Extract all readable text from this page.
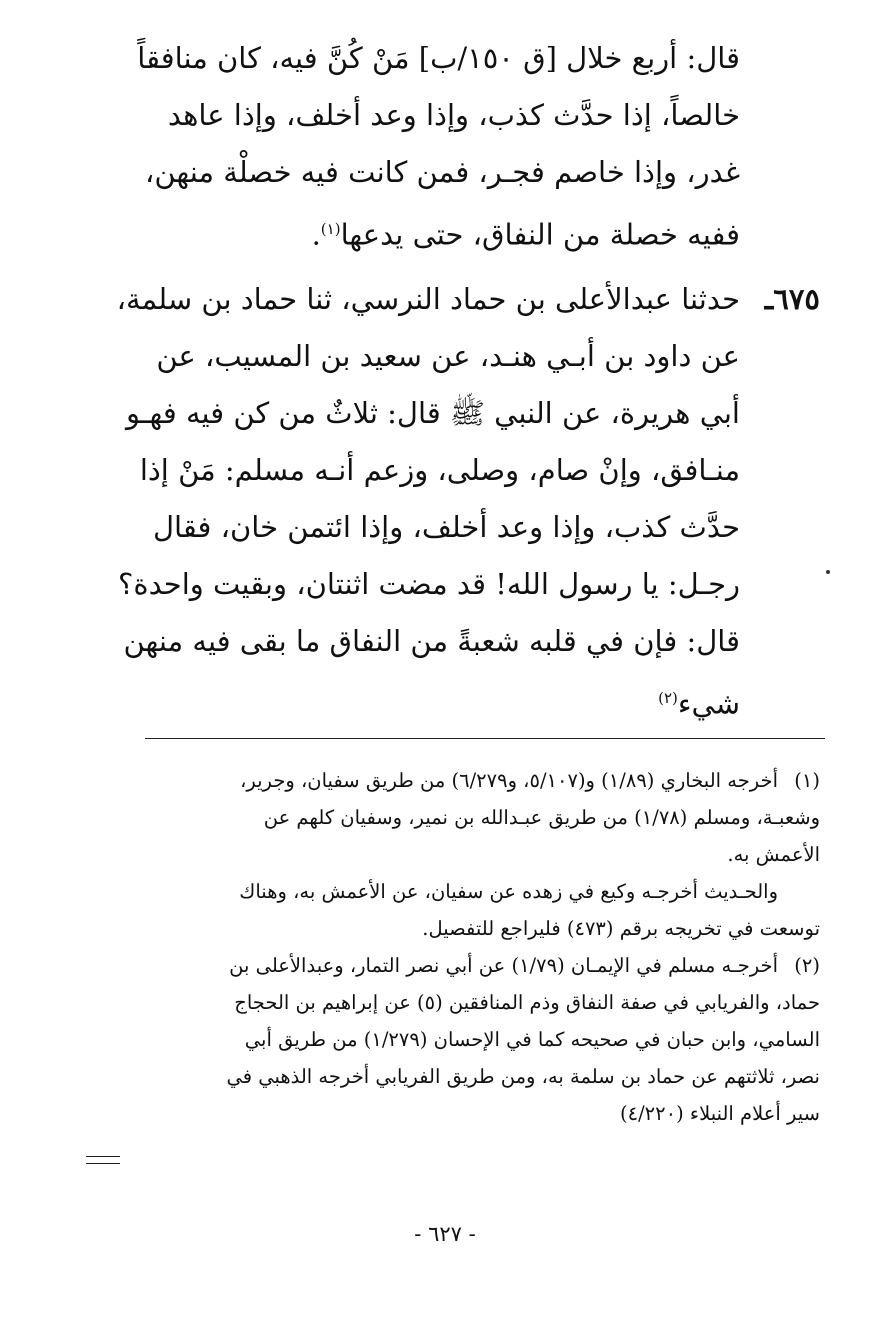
قال: أربع خلال [ق ١٥٠/ب] مَنْ كُنَّ فيه، كان منافقاً
خالصاً، إذا حدَّث كذب، وإذا وعد أخلف، وإذا عاهد
غدر، وإذا خاصم فجـر، فمن كانت فيه خصلْة منهن،
ففيه خصلة من النفاق، حتى يدعها$^{(١)}$.
٦٧٥ـ
حدثنا عبدالأعلى بن حماد النرسي، ثنا حماد بن سلمة،
عن داود بن أبـي هنـد، عن سعيد بن المسيب، عن
أبي هريرة، عن النبي ﷺ قال: ثلاثٌ من كن فيه فهـو
منـافق، وإنْ صام، وصلى، وزعم أنـه مسلم: مَنْ إذا
حدَّث كذب، وإذا وعد أخلف، وإذا ائتمن خان، فقال
رجـل: يا رسول الله! قد مضت اثنتان، وبقيت واحدة؟
قال: فإن في قلبه شعبةً من النفاق ما بقى فيه منهن
شيء$^{(٢)}$
(١)
أخرجه البخاري (١/٨٩) و(٥/١٠٧، و٦/٢٧٩) من طريق سفيان، وجرير،
وشعبـة، ومسلم (١/٧٨) من طريق عبـدالله بن نمير، وسفيان كلهم عن
الأعمش به.
والحـديث أخرجـه وكيع في زهده عن سفيان، عن الأعمش به، وهناك
توسعت في تخريجه برقم (٤٧٣) فليراجع للتفصيل.
(٢)
أخرجـه مسلم في الإيمـان (١/٧٩) عن أبي نصر التمار، وعبدالأعلى بن
حماد، والفريابي في صفة النفاق وذم المنافقين (٥) عن إبراهيم بن الحجاج
السامي، وابن حبان في صحيحه كما في الإحسان (١/٢٧٩) من طريق أبي
نصر، ثلاثتهم عن حماد بن سلمة به، ومن طريق الفريابي أخرجه الذهبي في
سير أعلام النبلاء (٤/٢٢٠)
- ٦٢٧ -
